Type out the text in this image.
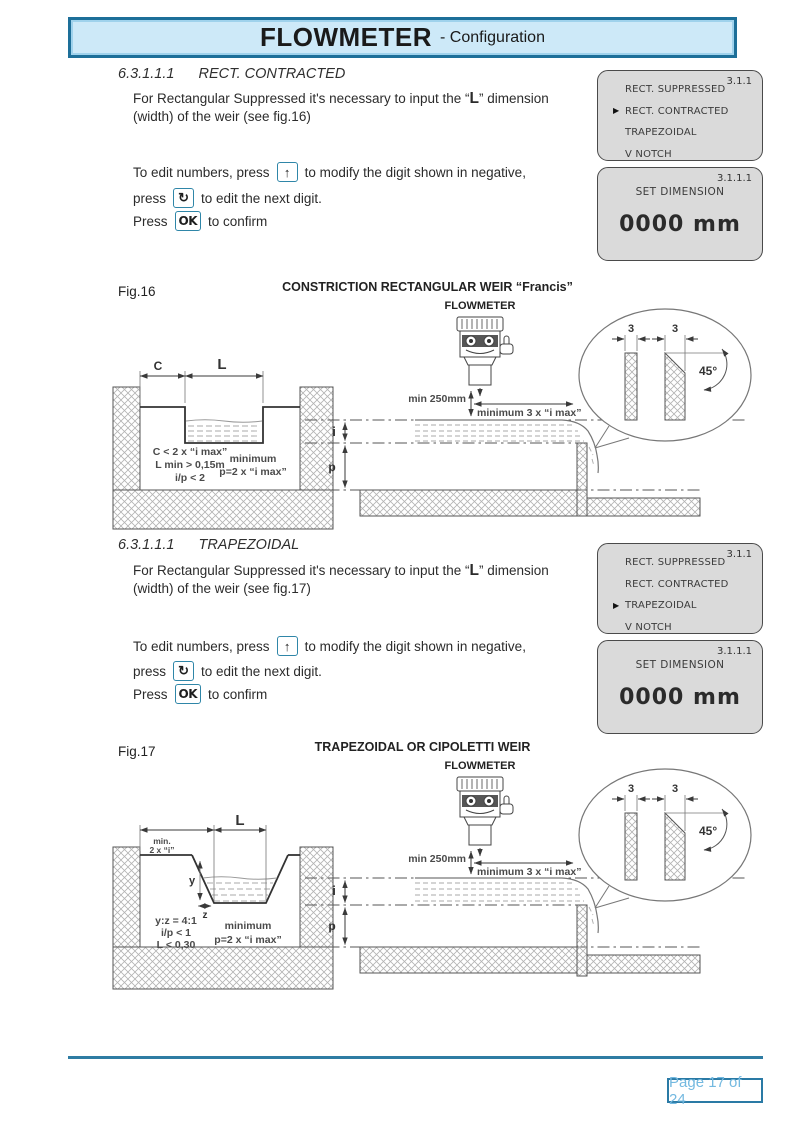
FLOWMETER - Configuration
6.3.1.1.1 RECT. CONTRACTED
For Rectangular Suppressed it's necessary to input the “L” dimension
(width) of the weir (see fig.16)
To edit numbers, press	↑	to modify the digit shown in negative,
press ↻ to edit the next digit.
Press OK to confirm
3.1.1
RECT. SUPPRESSED
▶ RECT. CONTRACTED
TRAPEZOIDAL
V NOTCH
3.1.1.1
SET DIMENSION
0000 mm
Fig.16	CONSTRICTION RECTANGULAR WEIR “Francis”
C	L
C < 2 x “i max”
L min > 0,15m
i/p < 2
minimum
p=2 x “i max”
i
p
FLOWMETER
min 250mm
minimum 3 x “i max”
3	3
45°
6.3.1.1.1 TRAPEZOIDAL
For Rectangular Suppressed it's necessary to input the “L” dimension
(width) of the weir (see fig.17)
To edit numbers, press	↑	to modify the digit shown in negative,
press ↻ to edit the next digit.
Press OK to confirm
3.1.1
RECT. SUPPRESSED
RECT. CONTRACTED
▶ TRAPEZOIDAL
V NOTCH
3.1.1.1
SET DIMENSION
0000 mm
Fig.17	TRAPEZOIDAL OR CIPOLETTI WEIR
min.
2 x “i”
L
y
z
y:z = 4:1
i/p < 1
L < 0,30
minimum
p=2 x “i max”
i
p
FLOWMETER
min 250mm
minimum 3 x “i max”
3	3
45°
Page 17 of 24
